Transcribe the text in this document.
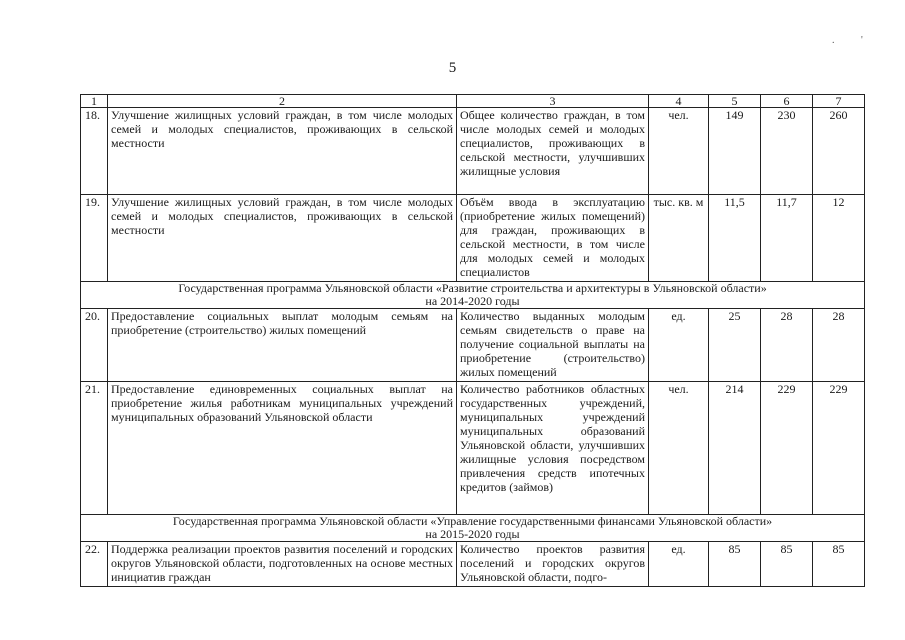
5
. '
1	2	3	4	5	6	7
18.	Улучшение жилищных условий граждан, в том числе молодых семей и молодых специалистов, проживающих в сельской местности	Общее количество граждан, в том числе молодых семей и молодых специалистов, проживающих в сельской местности, улучшивших жилищные условия	чел.	149	230	260
19.	Улучшение жилищных условий граждан, в том числе молодых семей и молодых специалистов, проживающих в сельской местности	Объём ввода в эксплуатацию (приобретение жилых помещений) для граждан, проживающих в сельской местности, в том числе для молодых семей и молодых специалистов	тыс. кв. м	11,5	11,7	12

Государственная программа Ульяновской области «Развитие строительства и архитектуры в Ульяновской области»
на 2014-2020 годы						

20.	Предоставление социальных выплат молодым семьям на приобретение (строительство) жилых помещений	Количество выданных молодым семьям свидетельств о праве на получение социальной выплаты на приобретение (строительство) жилых помещений	ед.	25	28	28
21.	Предоставление единовременных социальных выплат на приобретение жилья работникам муниципальных учреждений муниципальных образований Ульяновской области	Количество работников областных государственных учреждений, муниципальных учреждений муниципальных образований Ульяновской области, улучшивших жилищные условия посредством привлечения средств ипотечных кредитов (займов)	чел.	214	229	229

Государственная программа Ульяновской области «Управление государственными финансами Ульяновской области»
на 2015-2020 годы						

22.	Поддержка реализации проектов развития поселений и городских округов Ульяновской области, подготовленных на основе местных инициатив граждан	Количество проектов развития поселений и городских округов Ульяновской области, подго-	ед.	85	85	85
